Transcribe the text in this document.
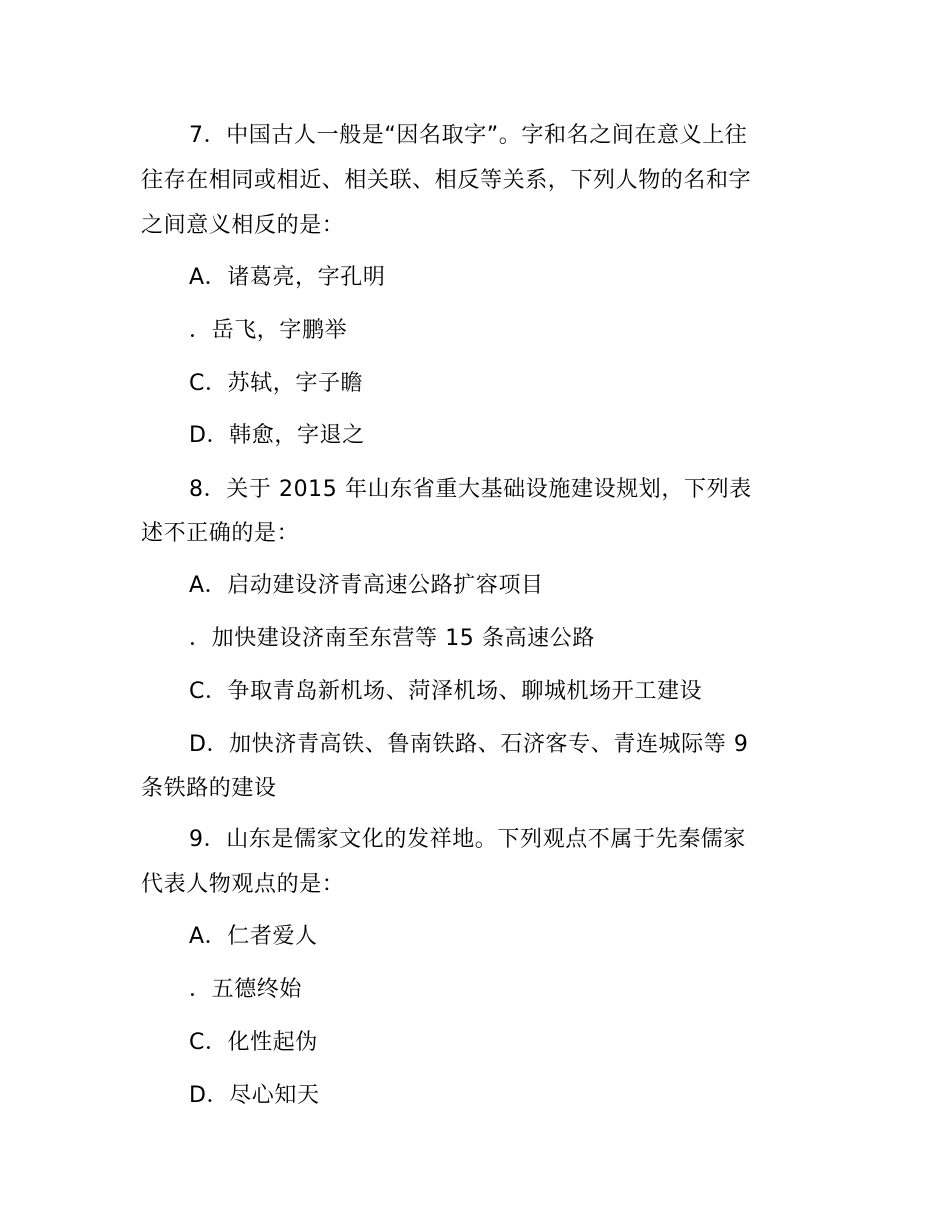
7．中国古人一般是“因名取字”。字和名之间在意义上往
往存在相同或相近、相关联、相反等关系，下列人物的名和字
之间意义相反的是：
A．诸葛亮，字孔明
．岳飞，字鹏举
C．苏轼，字子瞻
D．韩愈，字退之
8．关于 2015 年山东省重大基础设施建设规划，下列表
述不正确的是：
A．启动建设济青高速公路扩容项目
．加快建设济南至东营等 15 条高速公路
C．争取青岛新机场、菏泽机场、聊城机场开工建设
D．加快济青高铁、鲁南铁路、石济客专、青连城际等 9
条铁路的建设
9．山东是儒家文化的发祥地。下列观点不属于先秦儒家
代表人物观点的是：
A．仁者爱人
．五德终始
C．化性起伪
D．尽心知天
